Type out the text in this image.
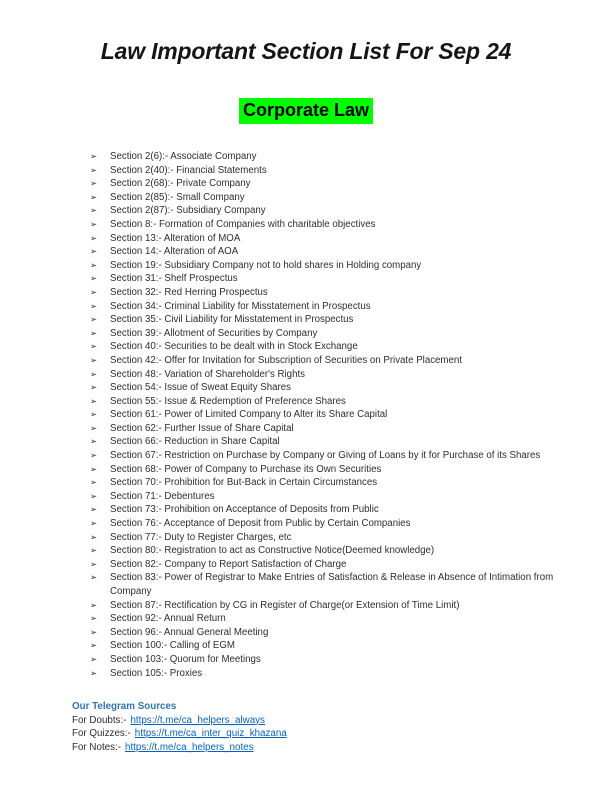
Law Important Section List For Sep 24
Corporate Law
➢	Section 2(6):- Associate Company
➢	Section 2(40):- Financial Statements
➢	Section 2(68):- Private Company
➢	Section 2(85):- Small Company
➢	Section 2(87):- Subsidiary Company
➢	Section 8:- Formation of Companies with charitable objectives
➢	Section 13:- Alteration of MOA
➢	Section 14:- Alteration of AOA
➢	Section 19:- Subsidiary Company not to hold shares in Holding company
➢	Section 31:- Shelf Prospectus
➢	Section 32:- Red Herring Prospectus
➢	Section 34:- Criminal Liability for Misstatement in Prospectus
➢	Section 35:- Civil Liability for Misstatement in Prospectus
➢	Section 39:- Allotment of Securities by Company
➢	Section 40:- Securities to be dealt with in Stock Exchange
➢	Section 42:- Offer for Invitation for Subscription of Securities on Private Placement
➢	Section 48:- Variation of Shareholder's Rights
➢	Section 54:- Issue of Sweat Equity Shares
➢	Section 55:- Issue & Redemption of Preference Shares
➢	Section 61:- Power of Limited Company to Alter its Share Capital
➢	Section 62:- Further Issue of Share Capital
➢	Section 66:- Reduction in Share Capital
➢	Section 67:- Restriction on Purchase by Company or Giving of Loans by it for Purchase of its Shares
➢	Section 68:- Power of Company to Purchase its Own Securities
➢	Section 70:- Prohibition for But-Back in Certain Circumstances
➢	Section 71:- Debentures
➢	Section 73:- Prohibition on Acceptance of Deposits from Public
➢	Section 76:- Acceptance of Deposit from Public by Certain Companies
➢	Section 77:- Duty to Register Charges, etc
➢	Section 80:- Registration to act as Constructive Notice(Deemed knowledge)
➢	Section 82:- Company to Report Satisfaction of Charge
➢	Section 83:- Power of Registrar to Make Entries of Satisfaction & Release in Absence of Intimation from Company
➢	Section 87:- Rectification by CG in Register of Charge(or Extension of Time Limit)
➢	Section 92:- Annual Return
➢	Section 96:- Annual General Meeting
➢	Section 100:- Calling of EGM
➢	Section 103:- Quorum for Meetings
➢	Section 105:- Proxies
Our Telegram Sources
For Doubts:- https://t.me/ca_helpers_always
For Quizzes:- https://t.me/ca_inter_quiz_khazana
For Notes:- https://t.me/ca_helpers_notes
